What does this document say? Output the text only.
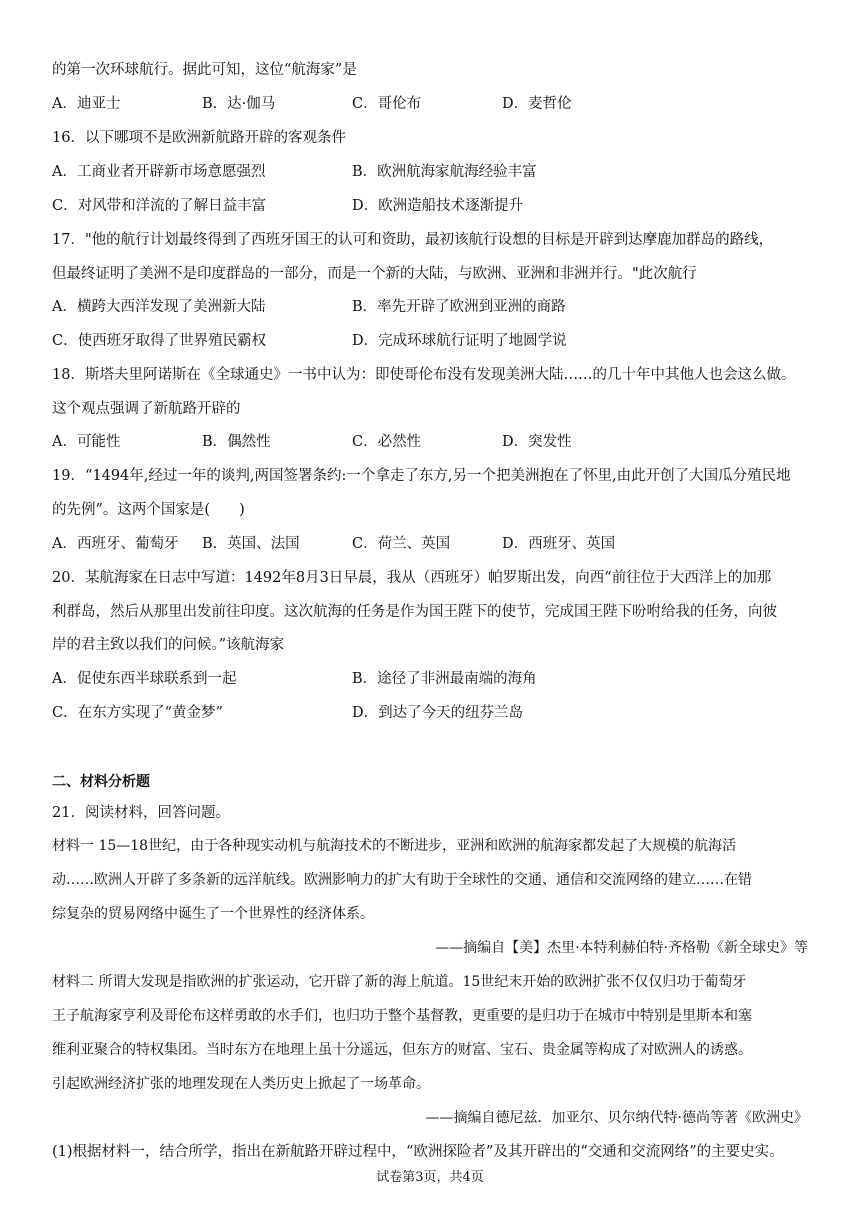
的第一次环球航行。据此可知，这位“航海家”是
A．迪亚士	B．达·伽马	C．哥伦布	D．麦哲伦
16．以下哪项不是欧洲新航路开辟的客观条件
A．工商业者开辟新市场意愿强烈	B．欧洲航海家航海经验丰富
C．对风带和洋流的了解日益丰富	D．欧洲造船技术逐渐提升
17．"他的航行计划最终得到了西班牙国王的认可和资助，最初该航行设想的目标是开辟到达摩鹿加群岛的路线，
但最终证明了美洲不是印度群岛的一部分，而是一个新的大陆，与欧洲、亚洲和非洲并行。"此次航行
A．横跨大西洋发现了美洲新大陆	B．率先开辟了欧洲到亚洲的商路
C．使西班牙取得了世界殖民霸权	D．完成环球航行证明了地圆学说
18．斯塔夫里阿诺斯在《全球通史》一书中认为：即使哥伦布没有发现美洲大陆……的几十年中其他人也会这么做。
这个观点强调了新航路开辟的
A．可能性	B．偶然性	C．必然性	D．突发性
19．“1494年,经过一年的谈判,两国签署条约:一个拿走了东方,另一个把美洲抱在了怀里,由此开创了大国瓜分殖民地
的先例”。这两个国家是(　　)
A．西班牙、葡萄牙 B．英国、法国	C．荷兰、英国	D．西班牙、英国
20．某航海家在日志中写道：1492年8月3日早晨，我从（西班牙）帕罗斯出发，向西“前往位于大西洋上的加那
利群岛，然后从那里出发前往印度。这次航海的任务是作为国王陛下的使节，完成国王陛下吩咐给我的任务，向彼
岸的君主致以我们的问候。”该航海家
A．促使东西半球联系到一起	B．途径了非洲最南端的海角
C．在东方实现了“黄金梦”	D．到达了今天的纽芬兰岛
二、材料分析题
21．阅读材料，回答问题。
材料一 15—18世纪，由于各种现实动机与航海技术的不断进步，亚洲和欧洲的航海家都发起了大规模的航海活
动……欧洲人开辟了多条新的远洋航线。欧洲影响力的扩大有助于全球性的交通、通信和交流网络的建立……在错
综复杂的贸易网络中诞生了一个世界性的经济体系。
——摘编自【美】杰里·本特利赫伯特·齐格勒《新全球史》等
材料二 所谓大发现是指欧洲的扩张运动，它开辟了新的海上航道。15世纪末开始的欧洲扩张不仅仅归功于葡萄牙
王子航海家亨利及哥伦布这样勇敢的水手们，也归功于整个基督教，更重要的是归功于在城市中特别是里斯本和塞
维利亚聚合的特权集团。当时东方在地理上虽十分遥远，但东方的财富、宝石、贵金属等构成了对欧洲人的诱惑。
引起欧洲经济扩张的地理发现在人类历史上掀起了一场革命。
——摘编自德尼兹．加亚尔、贝尔纳代特·德尚等著《欧洲史》
(1)根据材料一，结合所学，指出在新航路开辟过程中，“欧洲探险者”及其开辟出的“交通和交流网络”的主要史实。
试卷第3页，共4页
